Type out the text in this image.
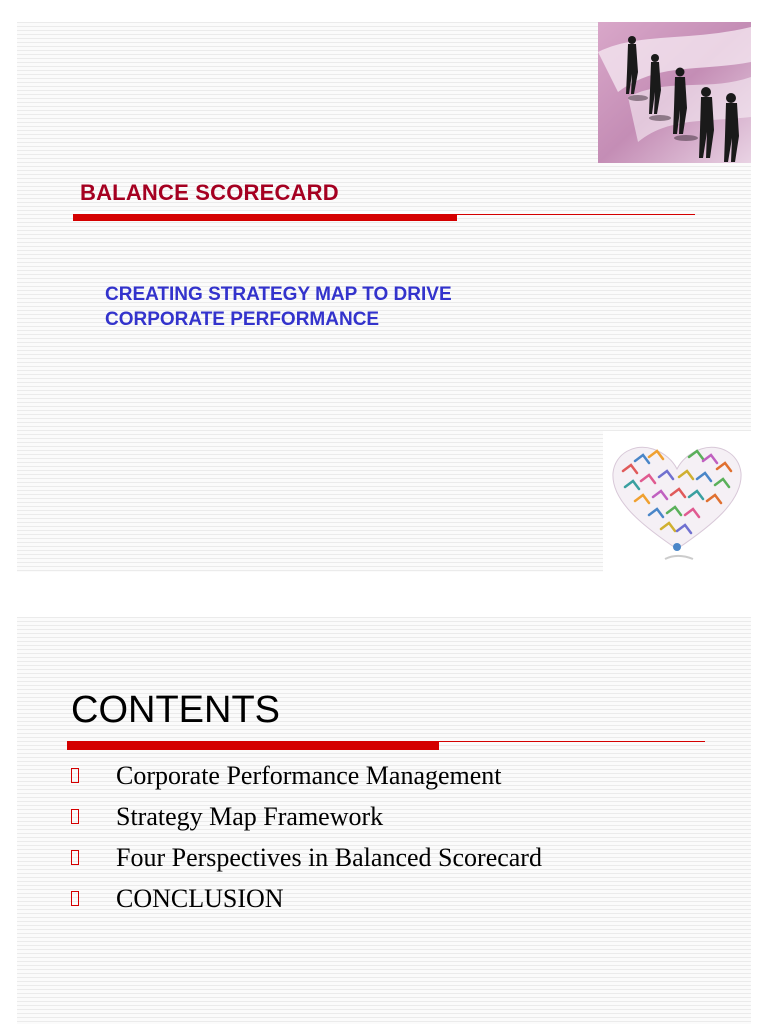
BALANCE SCORECARD
CREATING STRATEGY MAP TO DRIVE
CORPORATE PERFORMANCE
CONTENTS
Corporate Performance Management
Strategy Map Framework
Four Perspectives in Balanced Scorecard
CONCLUSION
